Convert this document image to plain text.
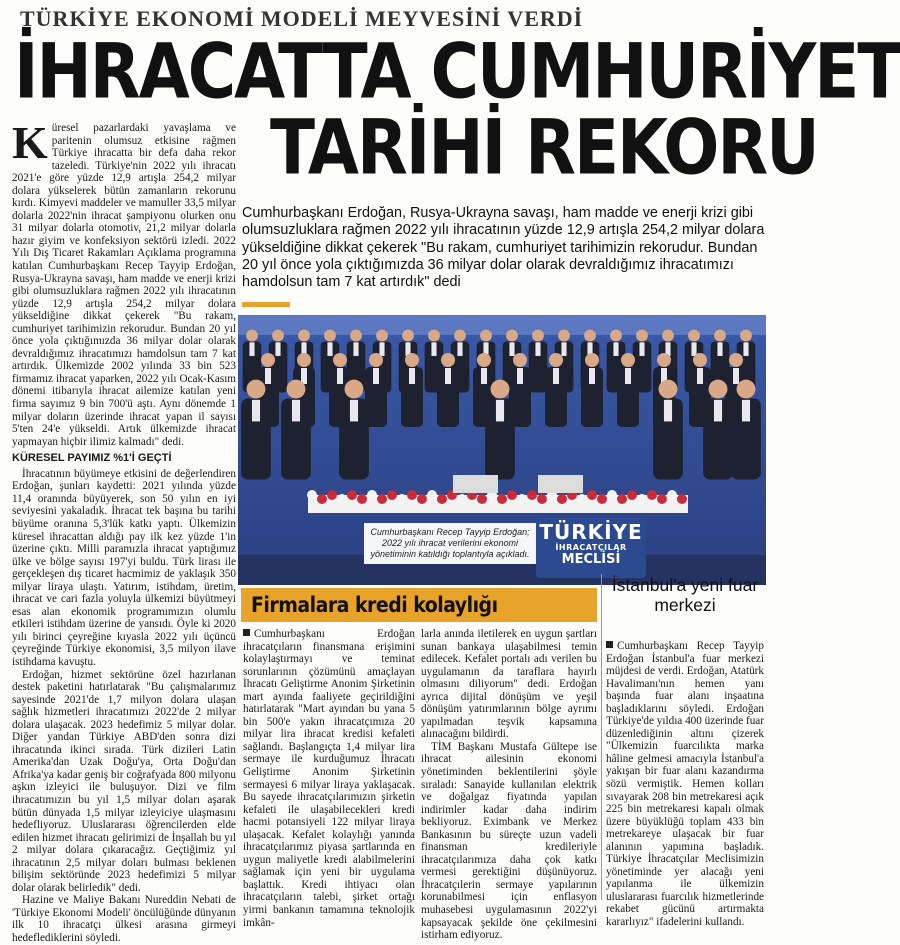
TÜRKİYE EKONOMİ MODELİ MEYVESİNİ VERDİ
İHRACATTA CUMHURİYET
TARİHİ REKORU
K üresel pazarlardaki yavaşlama ve paritenin olumsuz etkisine rağmen Türkiye ihracatta bir defa daha rekor tazeledi. Türkiye'nin 2022 yılı ihracatı 2021'e göre yüzde 12,9 artışla 254,2 milyar dolara yükselerek bütün zamanların rekorunu kırdı. Kimyevi maddeler ve mamuller 33,5 milyar dolarla 2022'nin ihracat şampiyonu olurken onu 31 milyar dolarla otomotiv, 21,2 milyar dolarla hazır giyim ve konfeksiyon sektörü izledi. 2022 Yılı Dış Ticaret Rakamları Açıklama programına katılan Cumhurbaşkanı Recep Tayyip Erdoğan, Rusya-Ukrayna savaşı, ham madde ve enerji krizi gibi olumsuzluklara rağmen 2022 yılı ihracatının yüzde 12,9 artışla 254,2 milyar dolara yükseldiğine dikkat çekerek "Bu rakam, cumhuriyet tarihimizin rekorudur. Bundan 20 yıl önce yola çıktığımızda 36 milyar dolar olarak devraldığımız ihracatımızı hamdolsun tam 7 kat artırdık. Ülkemizde 2002 yılında 33 bin 523 firmamız ihracat yaparken, 2022 yılı Ocak-Kasım dönemi itibarıyla ihracat ailemize katılan yeni firma sayımız 9 bin 700'ü aştı. Aynı dönemde 1 milyar doların üzerinde ihracat yapan il sayısı 5'ten 24'e yükseldi. Artık ülkemizde ihracat yapmayan hiçbir ilimiz kalmadı" dedi.

KÜRESEL PAYIMIZ %1'İ GEÇTİ

İhracatının büyümeye etkisini de değerlendiren Erdoğan, şunları kaydetti: 2021 yılında yüzde 11,4 oranında büyüyerek, son 50 yılın en iyi seviyesini yakaladık. İhracat tek başına bu tarihi büyüme oranına 5,3'lük katkı yaptı. Ülkemizin küresel ihracattan aldığı pay ilk kez yüzde 1'in üzerine çıktı. Milli paramızla ihracat yaptığımız ülke ve bölge sayısı 197'yi buldu. Türk lirası ile gerçekleşen dış ticaret hacmimiz de yaklaşık 350 milyar liraya ulaştı. Yatırım, istihdam, üretim, ihracat ve cari fazla yoluyla ülkemizi büyütmeyi esas alan ekonomik programımızın olumlu etkileri istihdam üzerine de yansıdı. Öyle ki 2020 yılı birinci çeyreğine kıyasla 2022 yılı üçüncü çeyreğinde Türkiye ekonomisi, 3,5 milyon ilave istihdama kavuştu.

Erdoğan, hizmet sektörüne özel hazırlanan destek paketini hatırlatarak "Bu çalışmalarımız sayesinde 2021'de 1,7 milyon dolara ulaşan sağlık hizmetleri ihracatımızı 2022'de 2 milyar dolara ulaşacak. 2023 hedefimiz 5 milyar dolar. Diğer yandan Türkiye ABD'den sonra dizi ihracatında ikinci sırada. Türk dizileri Latin Amerika'dan Uzak Doğu'ya, Orta Doğu'dan Afrika'ya kadar geniş bir coğrafyada 800 milyonu aşkın izleyici ile buluşuyor. Dizi ve film ihracatımızın bu yıl 1,5 milyar doları aşarak bütün dünyada 1,5 milyar izleyiciye ulaşmasını hedefliyoruz. Uluslararası öğrencilerden elde edilen hizmet ihracatı gelirimizi de İnşallah bu yıl 2 milyar dolara çıkaracağız. Geçtiğimiz yıl ihracatının 2,5 milyar doları bulması beklenen bilişim sektöründe 2023 hedefimizi 5 milyar dolar olarak belirledik" dedi.

Hazine ve Maliye Bakanı Nureddin Nebati de 'Türkiye Ekonomi Modeli' öncülüğünde dünyanın ilk 10 ihracatçı ülkesi arasına girmeyi hedeflediklerini söyledi.

Cumhurbaşkanı Erdoğan, Rusya-Ukrayna savaşı, ham madde ve enerji krizi gibi olumsuzluklara rağmen 2022 yılı ihracatının yüzde 12,9 artışla 254,2 milyar dolara yükseldiğine dikkat çekerek "Bu rakam, cumhuriyet tarihimizin rekorudur. Bundan 20 yıl önce yola çıktığımızda 36 milyar dolar olarak devraldığımız ihracatımızı hamdolsun tam 7 kat artırdık" dedi
Cumhurbaşkanı Recep Tayyip Erdoğan; 2022 yılı ihracat verilerini ekonomi yönetiminin katıldığı toplantıyla açıkladı.
TÜRKİYE
İHRACATÇILAR
MECLİSİ
Firmalara kredi kolaylığı

Cumhurbaşkanı Erdoğan ihracatçıların finansmana erişimini kolaylaştırmayı ve teminat sorunlarının çözümünü amaçlayan İhracatı Geliştirme Anonim Şirketinin mart ayında faaliyete geçirildiğini hatırlatarak "Mart ayından bu yana 5 bin 500'e yakın ihracatçımıza 20 milyar lira ihracat kredisi kefaleti sağlandı. Başlangıçta 1,4 milyar lira sermaye ile kurduğumuz İhracatı Geliştirme Anonim Şirketinin sermayesi 6 milyar liraya yaklaşacak. Bu sayede ihracatçılarımızın şirketin kefaleti ile ulaşabilecekleri kredi hacmi potansiyeli 122 milyar liraya ulaşacak. Kefalet kolaylığı yanında ihracatçılarımız piyasa şartlarında en uygun maliyetle kredi alabilmelerini sağlamak için yeni bir uygulama başlattık. Kredi ihtiyacı olan ihracatçıların talebi, şirket ortağı yirmi bankanın tamamına teknolojik imkân-

larla anında iletilerek en uygun şartları sunan bankaya ulaşabilmesi temin edilecek. Kefalet portalı adı verilen bu uygulamanın da taraflara hayırlı olmasını diliyorum" dedi. Erdoğan ayrıca dijital dönüşüm ve yeşil dönüşüm yatırımlarının bölge ayrımı yapılmadan teşvik kapsamına alınacağını bildirdi.

TİM Başkanı Mustafa Gültepe ise ihracat ailesinin ekonomi yönetiminden beklentilerini şöyle sıraladı: Sanayide kullanılan elektrik ve doğalgaz fiyatında yapılan indirimler kadar daha indirim bekliyoruz. Eximbank ve Merkez Bankasının bu süreçte uzun vadeli finansman kredileriyle ihracatçılarımıza daha çok katkı vermesi gerektiğini düşünüyoruz. İhracatçılerin sermaye yapılarının korunabilmesi için enflasyon muhasebesi uygulamasının 2022'yi kapsayacak şekilde öne çekilmesini istirham ediyoruz.

İstanbul'a yeni fuar merkezi

Cumhurbaşkanı Recep Tayyip Erdoğan İstanbul'a fuar merkezi müjdesi de verdi. Erdoğan, Atatürk Havalimanı'nın hemen yanı başında fuar alanı inşaatına başladıklarını söyledi. Erdoğan Türkiye'de yıldıa 400 üzerinde fuar düzenlediğinin altını çizerek "Ülkemizin fuarcılıkta marka hâline gelmesi amacıyla İstanbul'a yakışan bir fuar alanı kazandırma sözü vermiştik. Hemen kolları sıvayarak 208 bin metrekaresi açık 225 bin metrekaresi kapalı olmak üzere büyüklüğü toplam 433 bin metrekareye ulaşacak bir fuar alanının yapımına başladık. Türkiye İhracatçılar Meclisimizin yönetiminde yer alacağı yeni yapılanma ile ülkemizin uluslararası fuarcılık hizmetlerinde rekabet gücünü artırmakta kararlıyız" ifadelerini kullandı.
